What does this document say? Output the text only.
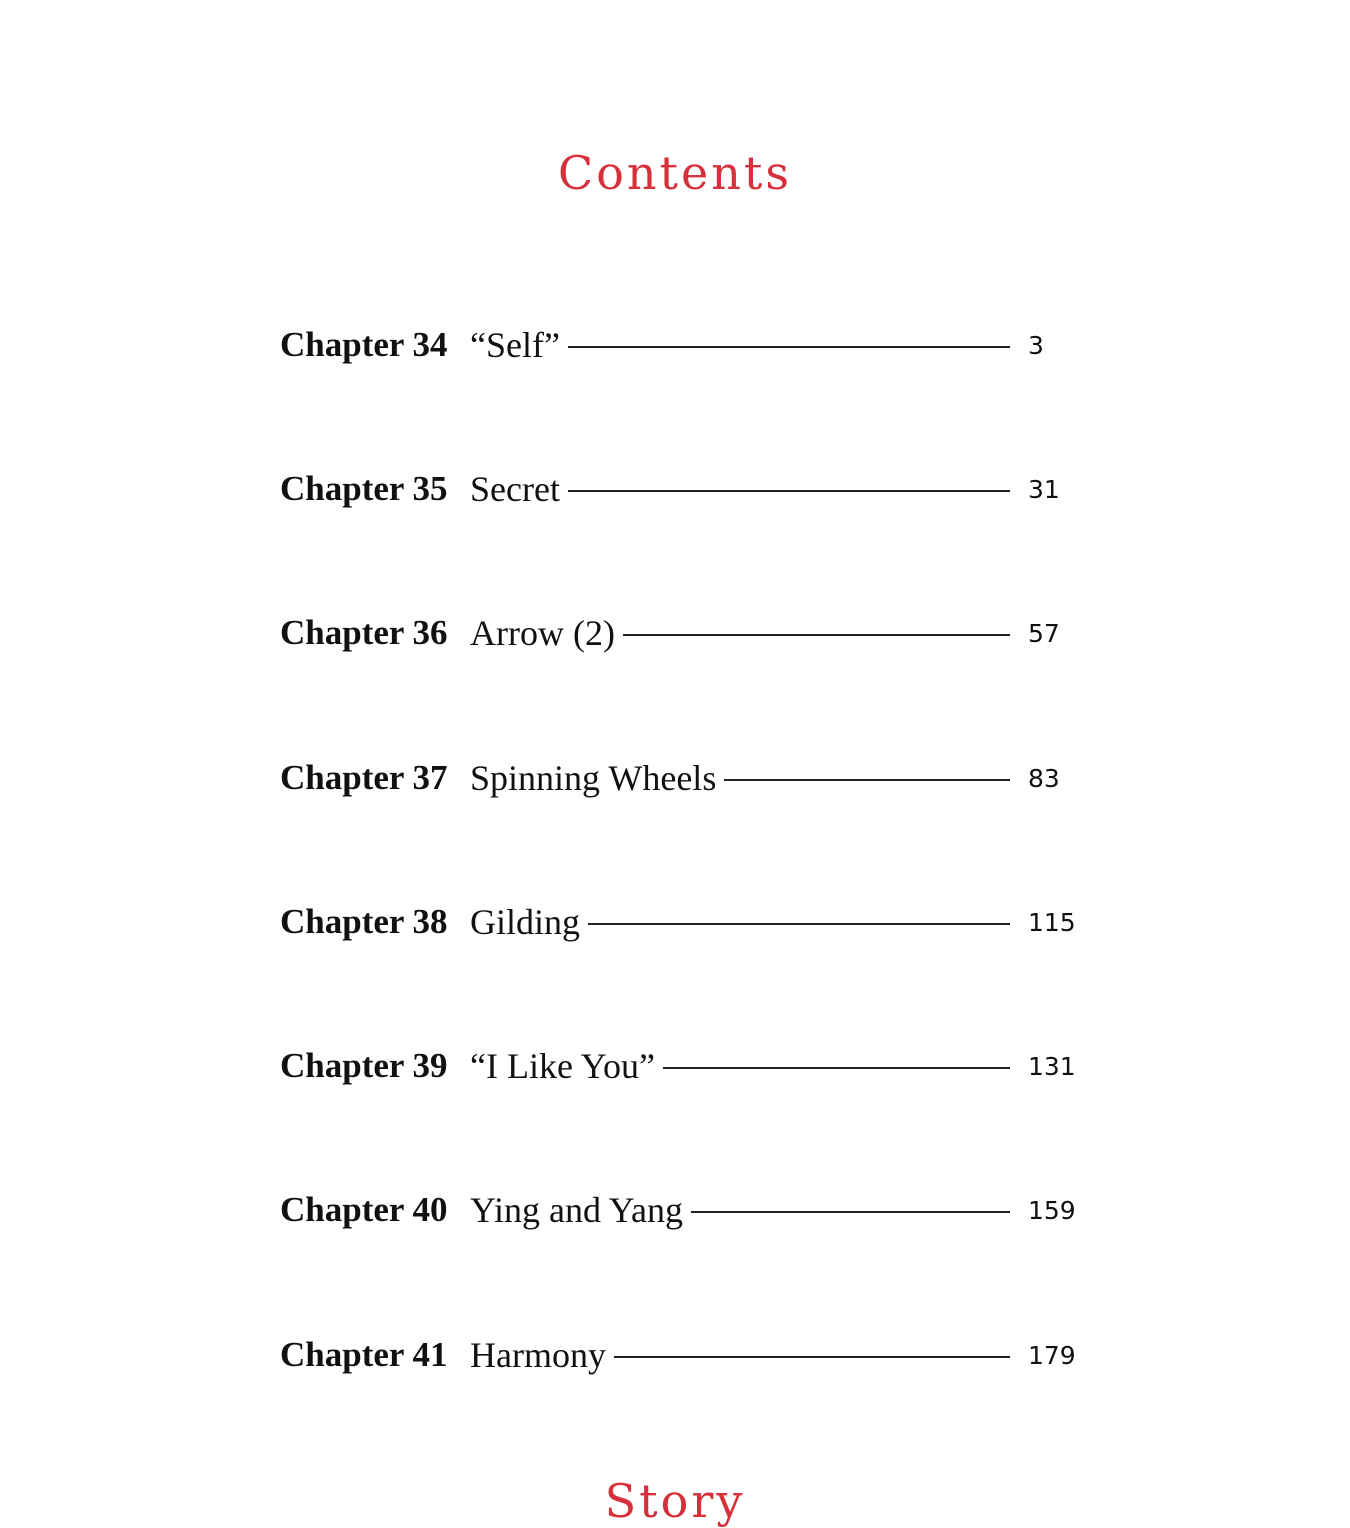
Contents
Chapter 34 “Self”	3
Chapter 35 Secret	31
Chapter 36 Arrow (2)	57
Chapter 37 Spinning Wheels	83
Chapter 38 Gilding	115
Chapter 39 “I Like You”	131
Chapter 40 Ying and Yang	159
Chapter 41 Harmony	179
Story
